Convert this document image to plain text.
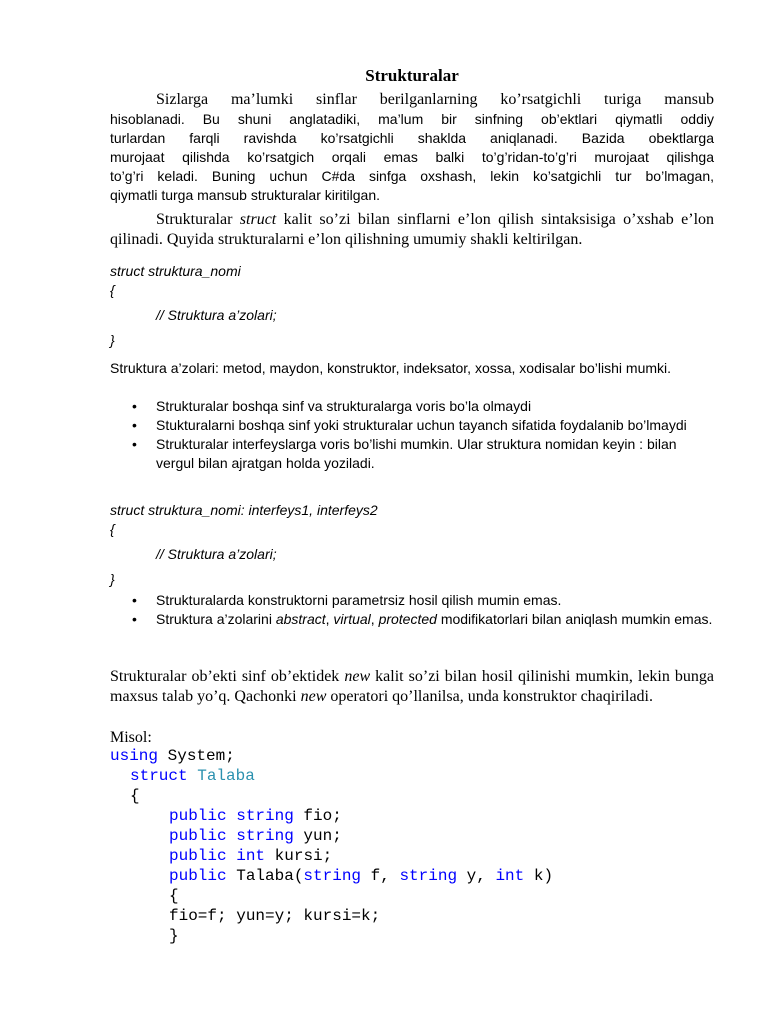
Strukturalar

Sizlarga ma’lumki sinflar berilganlarning ko’rsatgichli turiga mansub

hisoblanadi. Bu shuni anglatadiki, ma’lum bir sinfning ob’ektlari qiymatli oddiy

turlardan farqli ravishda ko’rsatgichli shaklda aniqlanadi. Bazida obektlarga

murojaat qilishda ko’rsatgich orqali emas balki to’g’ridan-to’g’ri murojaat qilishga

to’g’ri keladi. Buning uchun C#da sinfga oxshash, lekin ko’satgichli tur bo’lmagan,

qiymatli turga mansub strukturalar kiritilgan.

Strukturalar struct kalit so’zi bilan sinflarni e’lon qilish sintaksisiga o’xshab e’lon qilinadi. Quyida strukturalarni e’lon qilishning umumiy shakli keltirilgan.

struct struktura_nomi

{

// Struktura a’zolari;

}

Struktura a’zolari: metod, maydon, konstruktor, indeksator, xossa, xodisalar bo’lishi mumki.

• Strukturalar boshqa sinf va strukturalarga voris bo’la olmaydi
• Stukturalarni boshqa sinf yoki strukturalar uchun tayanch sifatida foydalanib bo’lmaydi
• Strukturalar interfeyslarga voris bo’lishi mumkin. Ular struktura nomidan keyin : bilan vergul bilan ajratgan holda yoziladi.

struct struktura_nomi: interfeys1, interfeys2

{

// Struktura a’zolari;

}

• Strukturalarda konstruktorni parametrsiz hosil qilish mumin emas.
• Struktura a’zolarini abstract, virtual, protected modifikatorlari bilan aniqlash mumkin emas.

Strukturalar ob’ekti sinf ob’ektidek new kalit so’zi bilan hosil qilinishi mumkin, lekin bunga maxsus talab yo’q. Qachonki new operatori qo’llanilsa, unda konstruktor chaqiriladi.

Misol:

using System;
struct Talaba
{
public string fio;
public string yun;
public int kursi;
public Talaba(string f, string y, int k)
{
fio=f; yun=y; kursi=k;
}
